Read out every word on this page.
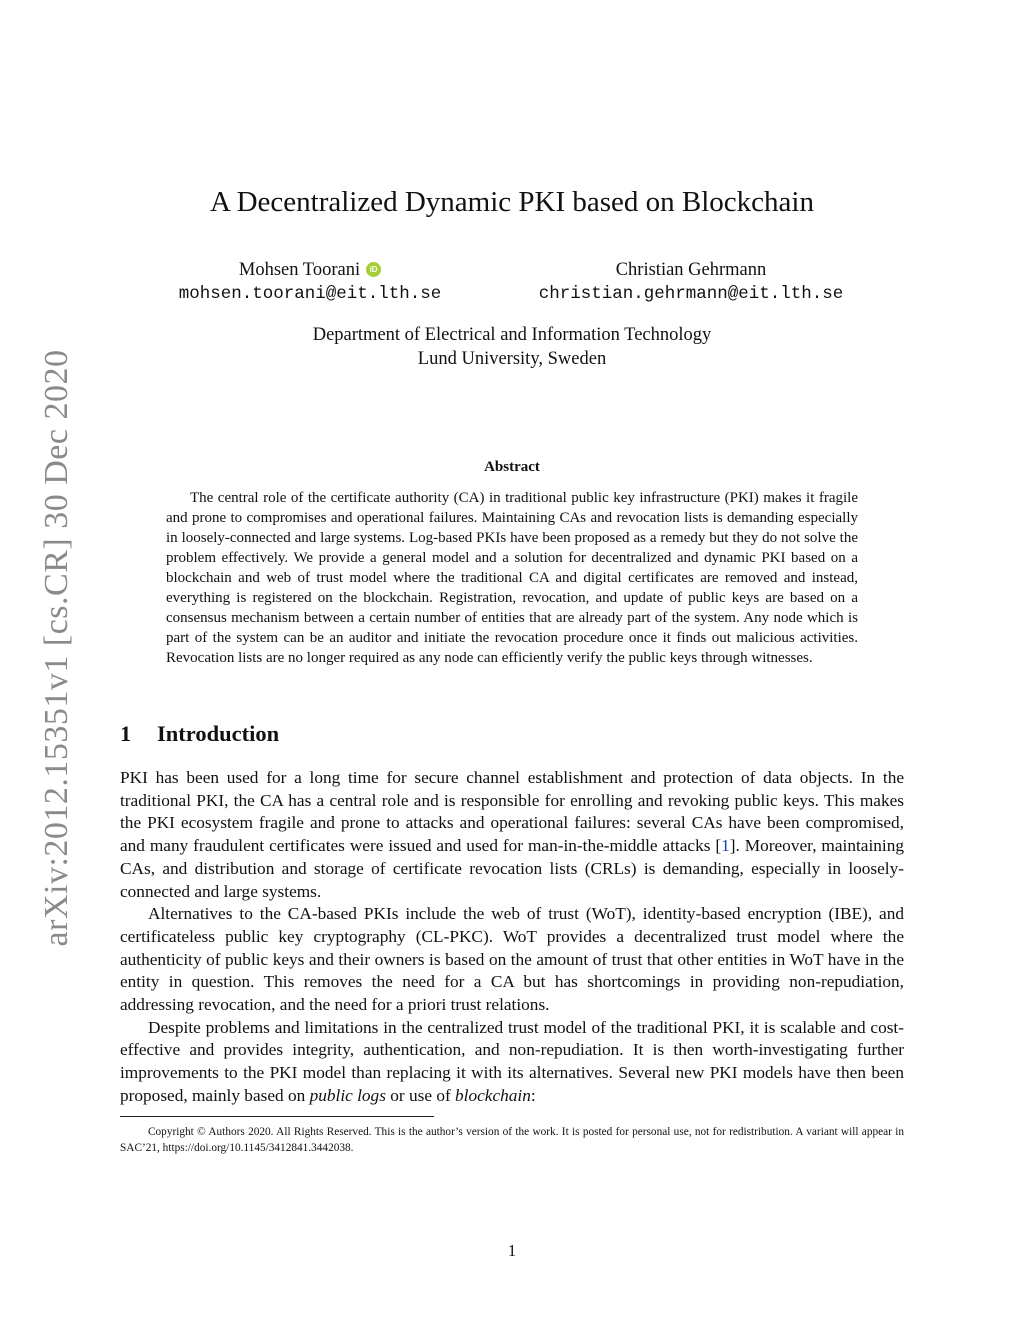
arXiv:2012.15351v1 [cs.CR] 30 Dec 2020
A Decentralized Dynamic PKI based on Blockchain
Mohsen Toorani iD
mohsen.toorani@eit.lth.se
Christian Gehrmann
christian.gehrmann@eit.lth.se
Department of Electrical and Information Technology
Lund University, Sweden
Abstract
The central role of the certificate authority (CA) in traditional public key infrastructure (PKI) makes it fragile and prone to compromises and operational failures. Maintaining CAs and revocation lists is demanding especially in loosely-connected and large systems. Log-based PKIs have been proposed as a remedy but they do not solve the problem effectively. We provide a general model and a solution for decentralized and dynamic PKI based on a blockchain and web of trust model where the traditional CA and digital certificates are removed and instead, everything is registered on the blockchain. Registration, revocation, and update of public keys are based on a consensus mechanism between a certain number of entities that are already part of the system. Any node which is part of the system can be an auditor and initiate the revocation procedure once it finds out malicious activities. Revocation lists are no longer required as any node can efficiently verify the public keys through witnesses.
1 Introduction

PKI has been used for a long time for secure channel establishment and protection of data objects. In the traditional PKI, the CA has a central role and is responsible for enrolling and revoking public keys. This makes the PKI ecosystem fragile and prone to attacks and operational failures: several CAs have been compromised, and many fraudulent certificates were issued and used for man-in-the-middle attacks [1]. Moreover, maintaining CAs, and distribution and storage of certificate revocation lists (CRLs) is demanding, especially in loosely-connected and large systems.

Alternatives to the CA-based PKIs include the web of trust (WoT), identity-based encryption (IBE), and certificateless public key cryptography (CL-PKC). WoT provides a decentralized trust model where the authenticity of public keys and their owners is based on the amount of trust that other entities in WoT have in the entity in question. This removes the need for a CA but has shortcomings in providing non-repudiation, addressing revocation, and the need for a priori trust relations.

Despite problems and limitations in the centralized trust model of the traditional PKI, it is scalable and cost-effective and provides integrity, authentication, and non-repudiation. It is then worth-investigating further improvements to the PKI model than replacing it with its alternatives. Several new PKI models have then been proposed, mainly based on public logs or use of blockchain:

Copyright © Authors 2020. All Rights Reserved. This is the author’s version of the work. It is posted for personal use, not for redistribution. A variant will appear in SAC’21, https://doi.org/10.1145/3412841.3442038.
1
